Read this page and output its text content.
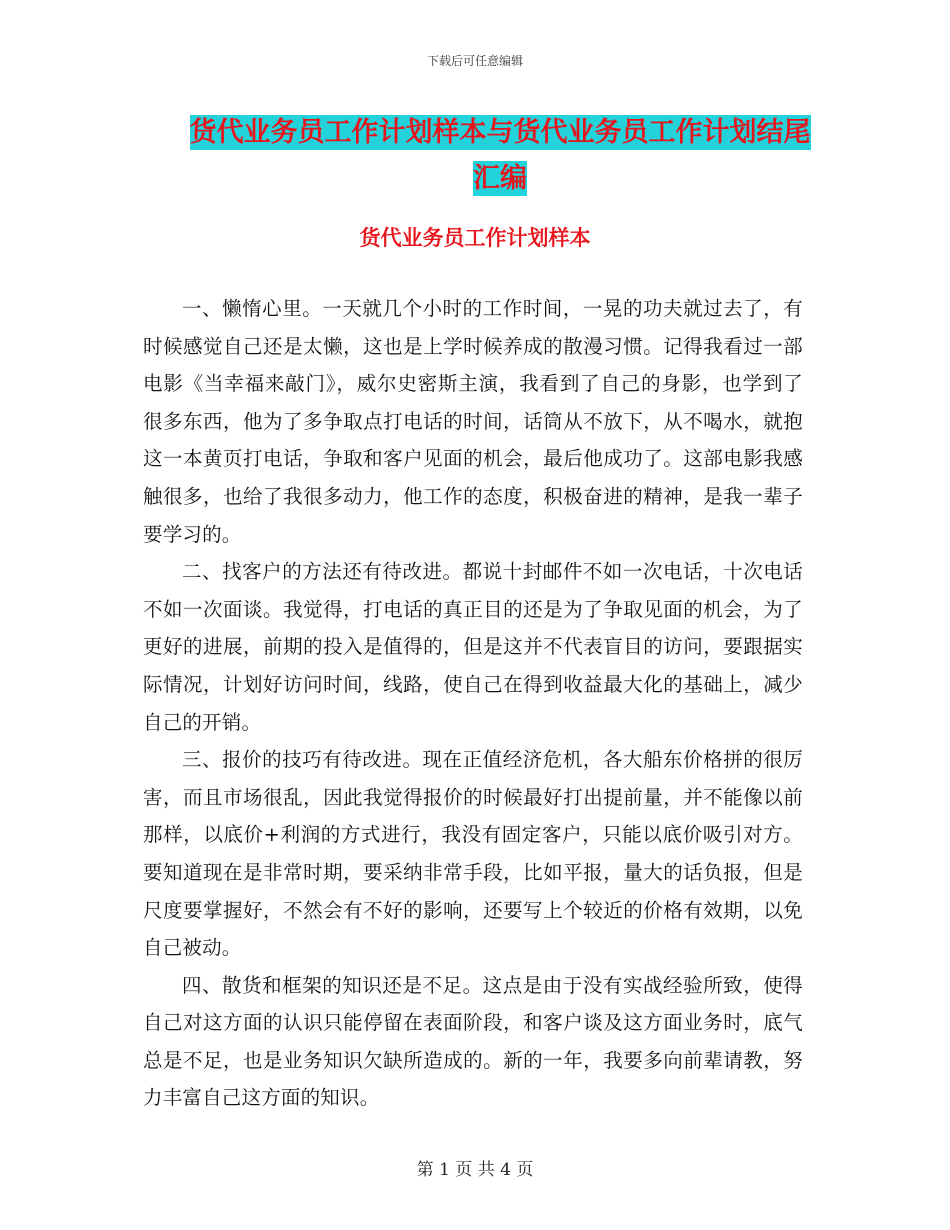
下载后可任意编辑
货代业务员工作计划样本与货代业务员工作计划结尾
汇编
货代业务员工作计划样本

一、懒惰心里。一天就几个小时的工作时间，一晃的功夫就过去了，有时候感觉自己还是太懒，这也是上学时候养成的散漫习惯。记得我看过一部电影《当幸福来敲门》，威尔史密斯主演，我看到了自己的身影，也学到了很多东西，他为了多争取点打电话的时间，话筒从不放下，从不喝水，就抱这一本黄页打电话，争取和客户见面的机会，最后他成功了。这部电影我感触很多，也给了我很多动力，他工作的态度，积极奋进的精神，是我一辈子要学习的。

二、找客户的方法还有待改进。都说十封邮件不如一次电话，十次电话不如一次面谈。我觉得，打电话的真正目的还是为了争取见面的机会，为了更好的进展，前期的投入是值得的，但是这并不代表盲目的访问，要跟据实际情况，计划好访问时间，线路，使自己在得到收益最大化的基础上，减少自己的开销。

三、报价的技巧有待改进。现在正值经济危机，各大船东价格拼的很厉害，而且市场很乱，因此我觉得报价的时候最好打出提前量，并不能像以前那样，以底价+利润的方式进行，我没有固定客户，只能以底价吸引对方。要知道现在是非常时期，要采纳非常手段，比如平报，量大的话负报，但是尺度要掌握好，不然会有不好的影响，还要写上个较近的价格有效期，以免自己被动。

四、散货和框架的知识还是不足。这点是由于没有实战经验所致，使得自己对这方面的认识只能停留在表面阶段，和客户谈及这方面业务时，底气总是不足，也是业务知识欠缺所造成的。新的一年，我要多向前辈请教，努力丰富自己这方面的知识。

第 1 页 共 4 页
